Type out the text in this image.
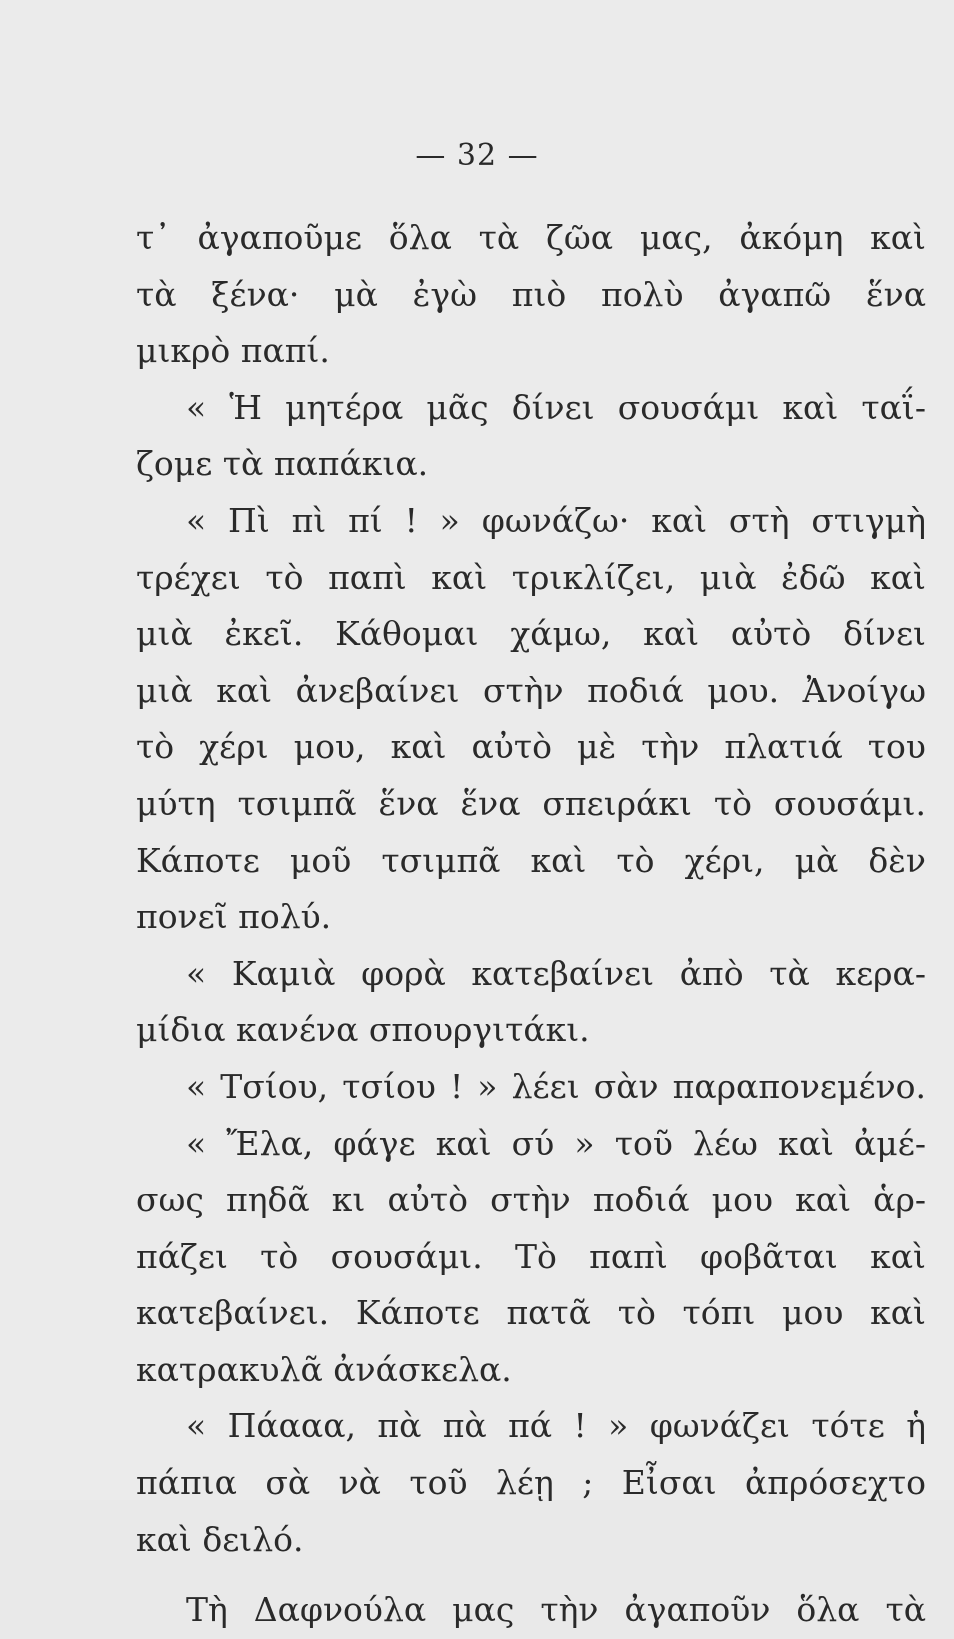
— 32 —
τ᾿ ἀγαποῦμε ὅλα τὰ ζῶα μας, ἀκόμη καὶ
τὰ ξένα· μὰ ἐγὼ πιὸ πολὺ ἀγαπῶ ἕνα
μικρὸ παπί.
« Ἡ μητέρα μᾶς δίνει σουσάμι καὶ ταΐ-
ζομε τὰ παπάκια.
« Πὶ πὶ πί ! » φωνάζω· καὶ στὴ στιγμὴ
τρέχει τὸ παπὶ καὶ τρικλίζει, μιὰ ἐδῶ καὶ
μιὰ ἐκεῖ. Κάθομαι χάμω, καὶ αὐτὸ δίνει
μιὰ καὶ ἀνεβαίνει στὴν ποδιά μου. Ἀνοίγω
τὸ χέρι μου, καὶ αὐτὸ μὲ τὴν πλατιά του
μύτη τσιμπᾶ ἕνα ἕνα σπειράκι τὸ σουσάμι.
Κάποτε μοῦ τσιμπᾶ καὶ τὸ χέρι, μὰ δὲν
πονεῖ πολύ.
« Καμιὰ φορὰ κατεβαίνει ἀπὸ τὰ κερα-
μίδια κανένα σπουργιτάκι.
« Τσίου, τσίου ! » λέει σὰν παραπονεμένο.
« Ἔλα, φάγε καὶ σύ » τοῦ λέω καὶ ἀμέ-
σως πηδᾶ κι αὐτὸ στὴν ποδιά μου καὶ ἁρ-
πάζει τὸ σουσάμι. Τὸ παπὶ φοβᾶται καὶ
κατεβαίνει. Κάποτε πατᾶ τὸ τόπι μου καὶ
κατρακυλᾶ ἀνάσκελα.
« Πάααα, πὰ πὰ πά ! » φωνάζει τότε ἡ
πάπια σὰ νὰ τοῦ λέῃ ; Εἶσαι ἀπρόσεχτο
καὶ δειλό.
Τὴ Δαφνούλα μας τὴν ἀγαποῦν ὅλα τὰ
